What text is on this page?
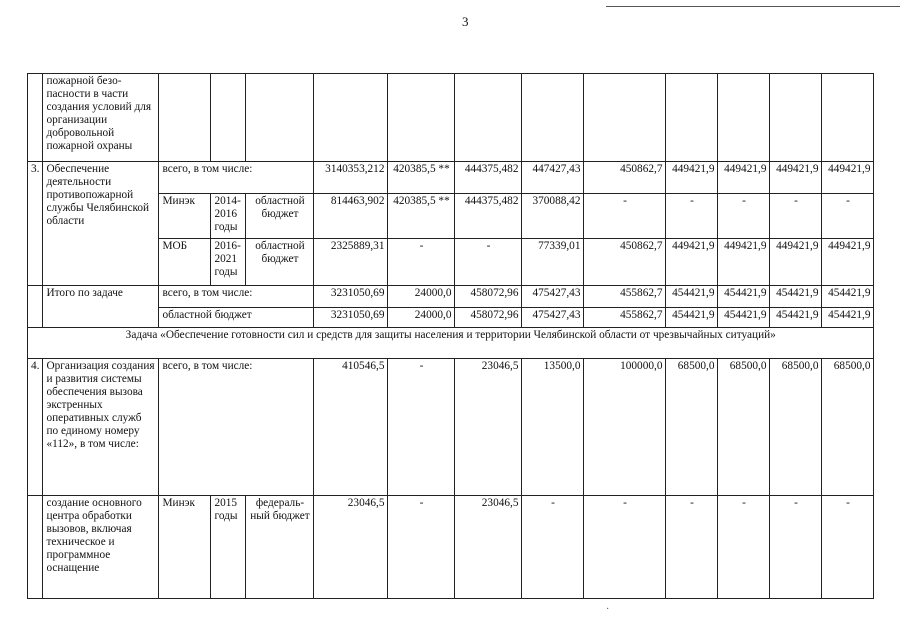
3
	пожарной безо- пасности в части создания условий для организации добровольной пожарной охраны												
3.	Обеспечение деятельности противопожарной службы Челябинской области	всего, в том числе:			3140353,212	420385,5 **	444375,482	447427,43	450862,7	449421,9	449421,9	449421,9	449421,9
		Минэк	2014- 2016 годы	областной бюджет	814463,902	420385,5 **	444375,482	370088,42	-	-	-	-	-
		МОБ	2016- 2021 годы	областной бюджет	2325889,31	-	-	77339,01	450862,7	449421,9	449421,9	449421,9	449421,9
	Итого по задаче	всего, в том числе:			3231050,69	24000,0	458072,96	475427,43	455862,7	454421,9	454421,9	454421,9	454421,9
		областной бюджет			3231050,69	24000,0	458072,96	475427,43	455862,7	454421,9	454421,9	454421,9	454421,9
Задача «Обеспечение готовности сил и средств для защиты населения и территории Челябинской области от чрезвычайных ситуаций»													
4.	Организация создания и развития системы обеспечения вызова экстренных оперативных служб по единому номеру «112», в том числе:	всего, в том числе:			410546,5	-	23046,5	13500,0	100000,0	68500,0	68500,0	68500,0	68500,0
	создание основного центра обработки вызовов, включая техническое и программное оснащение	Минэк	2015 годы	федераль- ный бюджет	23046,5	-	23046,5	-	-	-	-	-	-
·
